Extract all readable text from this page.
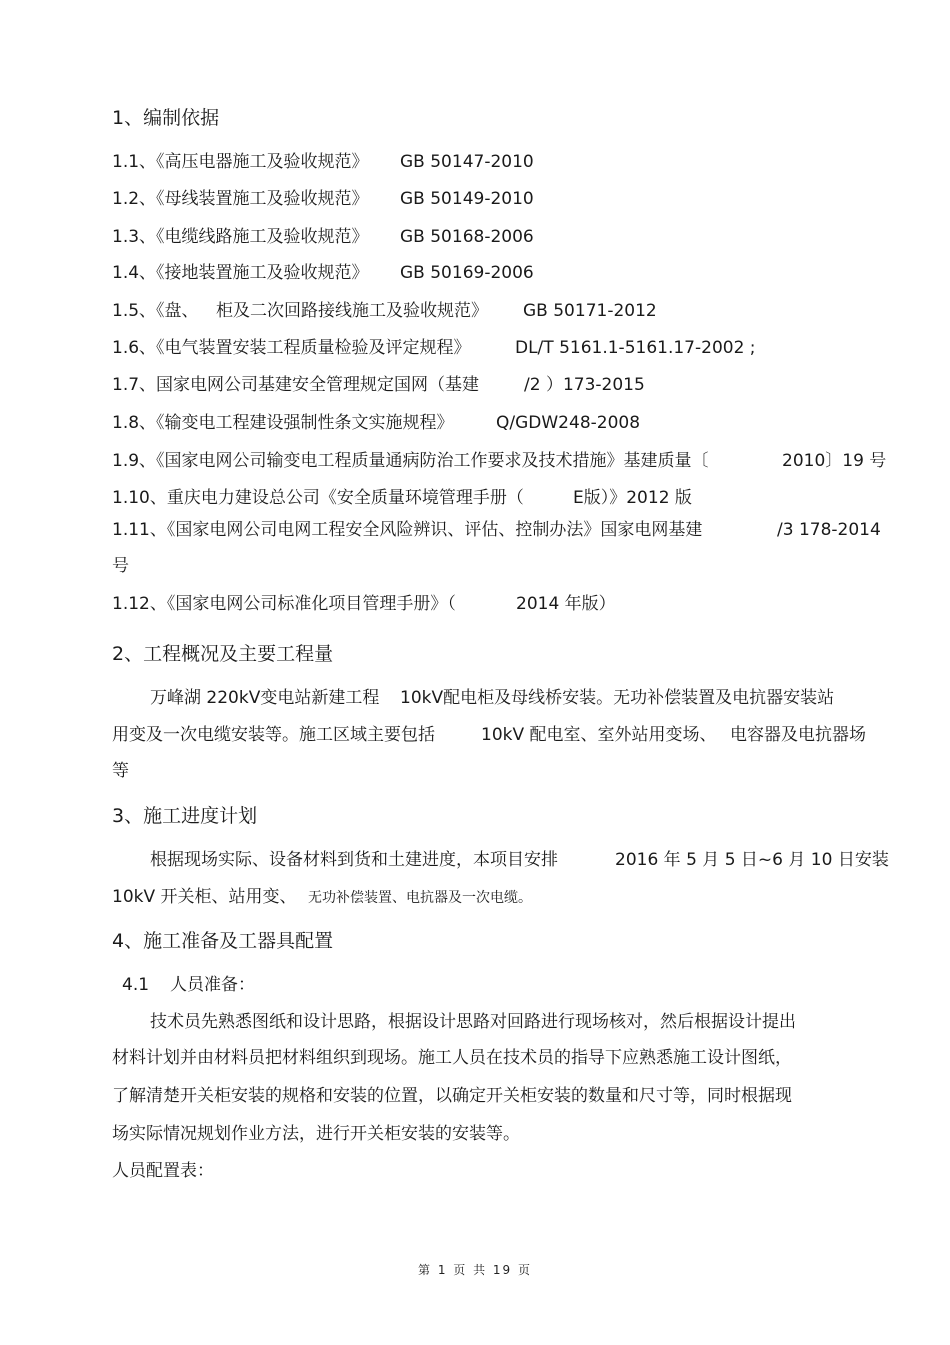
1、编制依据
1.1、《高压电器施工及验收规范》 GB 50147-2010
1.2、《母线装置施工及验收规范》 GB 50149-2010
1.3、《电缆线路施工及验收规范》 GB 50168-2006
1.4、《接地装置施工及验收规范》 GB 50169-2006
1.5、《盘、 柜及二次回路接线施工及验收规范》 GB 50171-2012
1.6、《电气装置安装工程质量检验及评定规程》	DL/T 5161.1-5161.17-2002 ;
1.7、国家电网公司基建安全管理规定国网（基建	/2 ）173-2015
1.8、《输变电工程建设强制性条文实施规程》 Q/GDW248-2008
1.9、《国家电网公司输变电工程质量通病防治工作要求及技术措施》基建质量〔	2010〕19 号
1.10、重庆电力建设总公司《安全质量环境管理手册（	E版）》2012 版
1.11、《国家电网公司电网工程安全风险辨识、评估、控制办法》国家电网基建	/3 178-2014
号
1.12、《国家电网公司标准化项目管理手册》（	2014 年版）
2、工程概况及主要工程量
万峰湖 220kV变电站新建工程 10kV配电柜及母线桥安装。无功补偿装置及电抗器安装站
用变及一次电缆安装等。施工区域主要包括	10kV 配电室、室外站用变场、 电容器及电抗器场
等
3、施工进度计划
根据现场实际、设备材料到货和土建进度，本项目安排	2016 年 5 月 5 日~6 月 10 日安装
10kV 开关柜、站用变、 无功补偿装置、电抗器及一次电缆。
4、施工准备及工器具配置
4.1 人员准备：
技术员先熟悉图纸和设计思路，根据设计思路对回路进行现场核对，然后根据设计提出
材料计划并由材料员把材料组织到现场。施工人员在技术员的指导下应熟悉施工设计图纸，
了解清楚开关柜安装的规格和安装的位置，以确定开关柜安装的数量和尺寸等，同时根据现
场实际情况规划作业方法，进行开关柜安装的安装等。
人员配置表：
第 1 页 共 19 页
